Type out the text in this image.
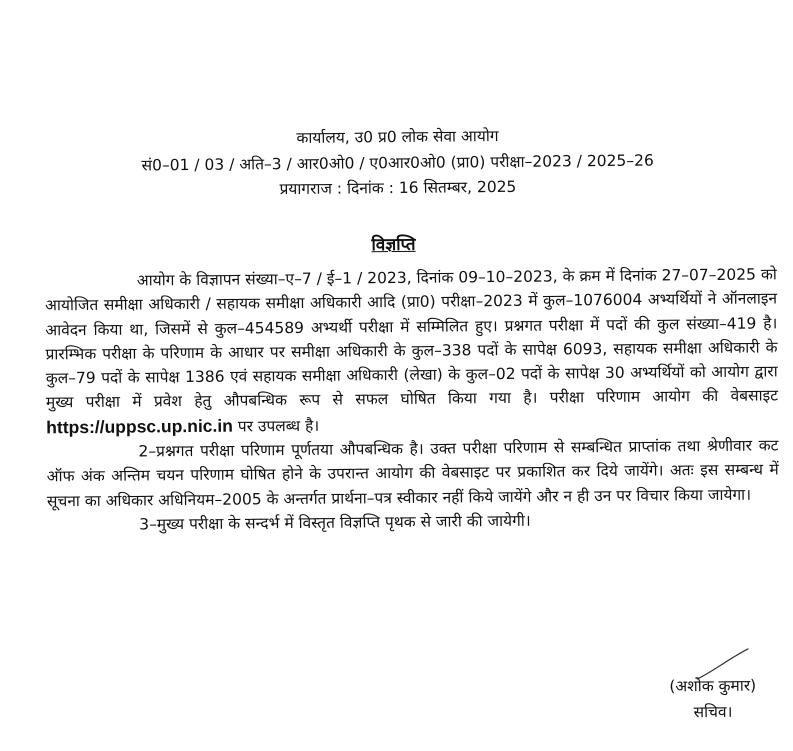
कार्यालय, उ0 प्र0 लोक सेवा आयोग
सं0–01 / 03 / अति–3 / आर0ओ0 / ए0आर0ओ0 (प्रा0) परीक्षा–2023 / 2025–26
प्रयागराज : दिनांक : 16 सितम्बर, 2025
विज्ञप्ति

आयोग के विज्ञापन संख्या–ए–7 / ई–1 / 2023, दिनांक 09–10–2023, के क्रम में दिनांक 27–07–2025 को आयोजित समीक्षा अधिकारी / सहायक समीक्षा अधिकारी आदि (प्रा0) परीक्षा–2023 में कुल–1076004 अभ्यर्थियों ने ऑनलाइन आवेदन किया था, जिसमें से कुल–454589 अभ्यर्थी परीक्षा में सम्मिलित हुए। प्रश्नगत परीक्षा में पदों की कुल संख्या–419 है। प्रारम्भिक परीक्षा के परिणाम के आधार पर समीक्षा अधिकारी के कुल–338 पदों के सापेक्ष 6093, सहायक समीक्षा अधिकारी के कुल–79 पदों के सापेक्ष 1386 एवं सहायक समीक्षा अधिकारी (लेखा) के कुल–02 पदों के सापेक्ष 30 अभ्यर्थियों को आयोग द्वारा मुख्य परीक्षा में प्रवेश हेतु औपबन्धिक रूप से सफल घोषित किया गया है। परीक्षा परिणाम आयोग की वेबसाइट https://uppsc.up.nic.in पर उपलब्ध है।

2–प्रश्नगत परीक्षा परिणाम पूर्णतया औपबन्धिक है। उक्त परीक्षा परिणाम से सम्बन्धित प्राप्तांक तथा श्रेणीवार कट ऑफ अंक अन्तिम चयन परिणाम घोषित होने के उपरान्त आयोग की वेबसाइट पर प्रकाशित कर दिये जायेंगे। अतः इस सम्बन्ध में सूचना का अधिकार अधिनियम–2005 के अन्तर्गत प्रार्थना–पत्र स्वीकार नहीं किये जायेंगे और न ही उन पर विचार किया जायेगा।

3–मुख्य परीक्षा के सन्दर्भ में विस्तृत विज्ञप्ति पृथक से जारी की जायेगी।

(अशोक कुमार)
सचिव।
